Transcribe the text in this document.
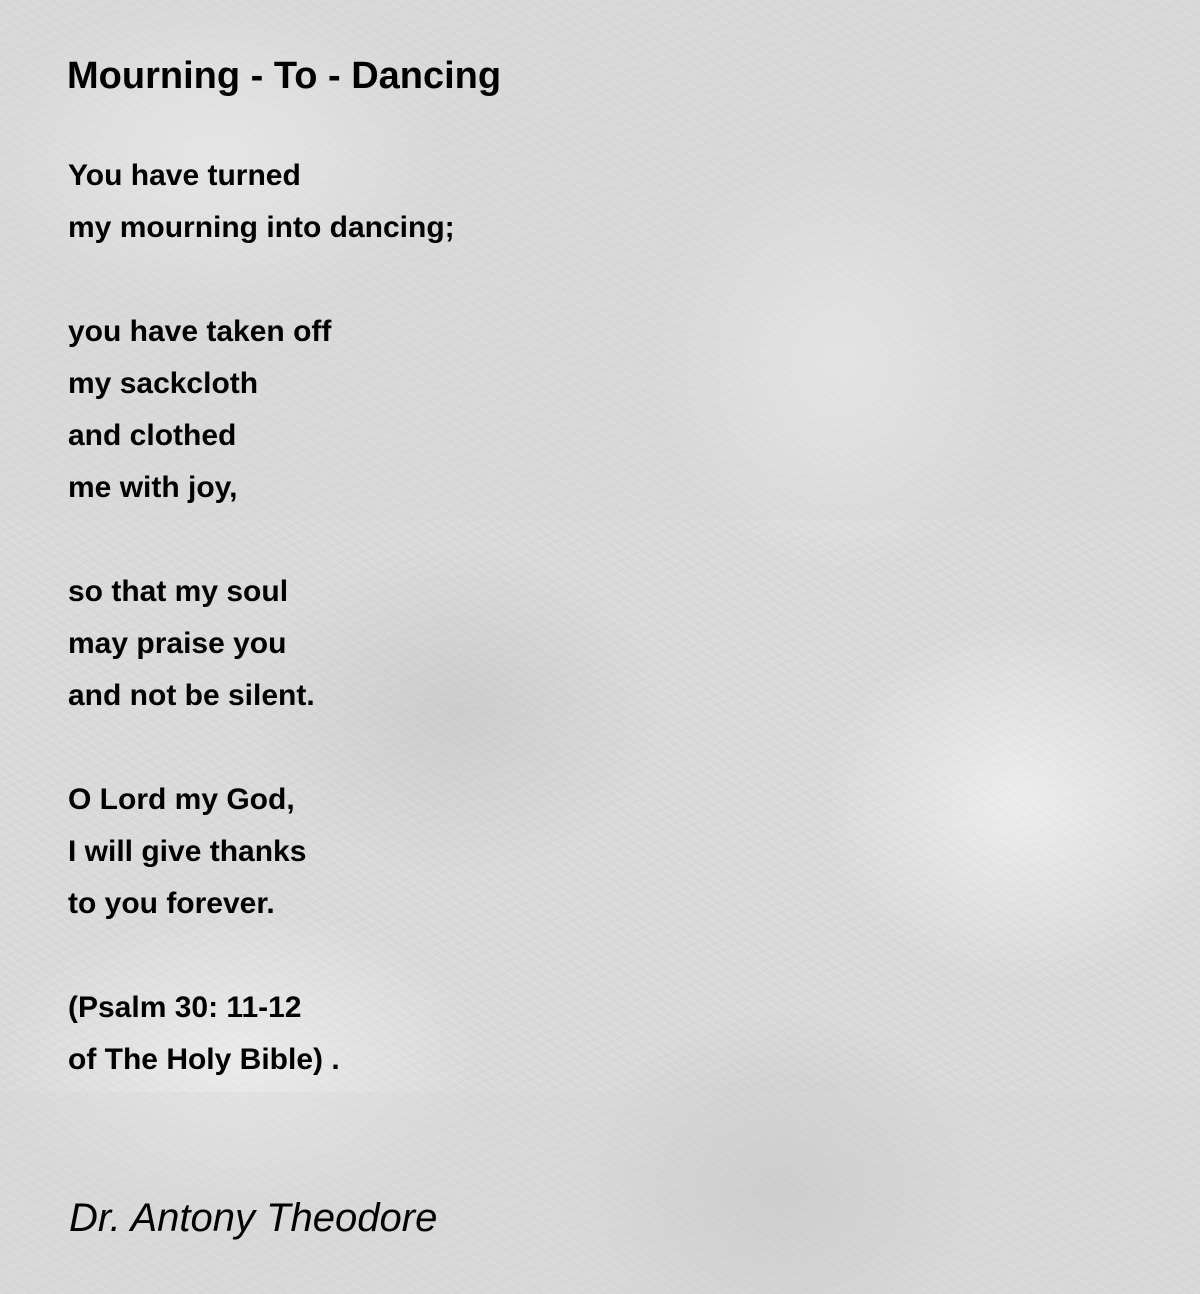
Mourning - To - Dancing
You have turned
my mourning into dancing;
you have taken off
my sackcloth
and clothed
me with joy,
so that my soul
may praise you
and not be silent.
O Lord my God,
I will give thanks
to you forever.
(Psalm 30: 11-12
of The Holy Bible) .

Dr. Antony Theodore
